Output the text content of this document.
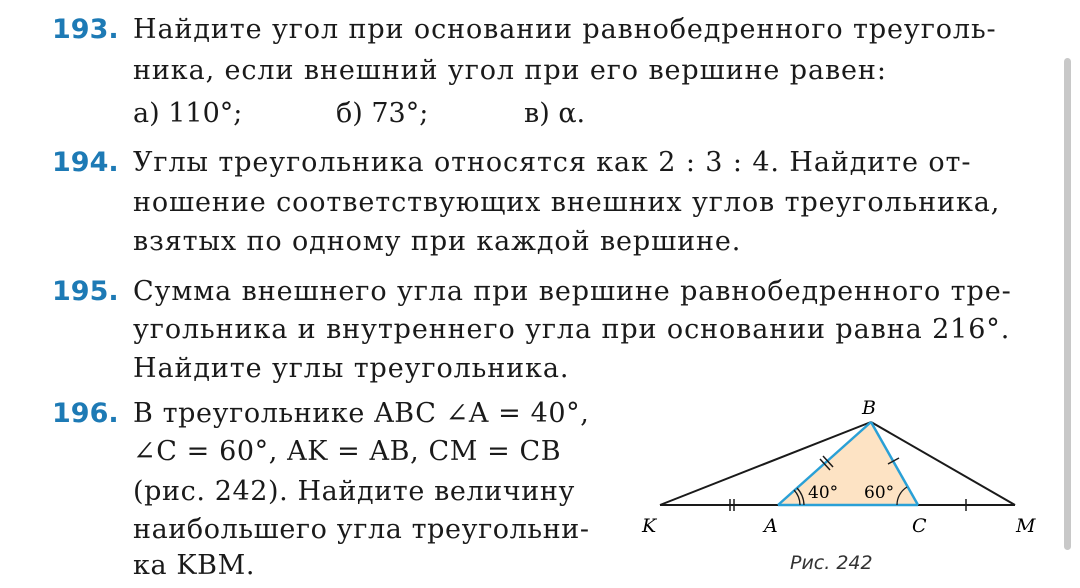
193. Найдите угол при основании равнобедренного треуголь-
ника, если внешний угол при его вершине равен:
а) 110°;	б) 73°;	в) α.
194. Углы треугольника относятся как 2 : 3 : 4. Найдите от-
ношение соответствующих внешних углов треугольника,
взятых по одному при каждой вершине.
195. Сумма внешнего угла при вершине равнобедренного тре-
угольника и внутреннего угла при основании равна 216°.
Найдите углы треугольника.
196. В треугольнике ABC ∠A = 40°,
∠C = 60°, AK = AB, CM = CB
(рис. 242). Найдите величину
наибольшего угла треугольни-
ка KBM.
K	A	C	M
B
40° 60°
Рис. 242
